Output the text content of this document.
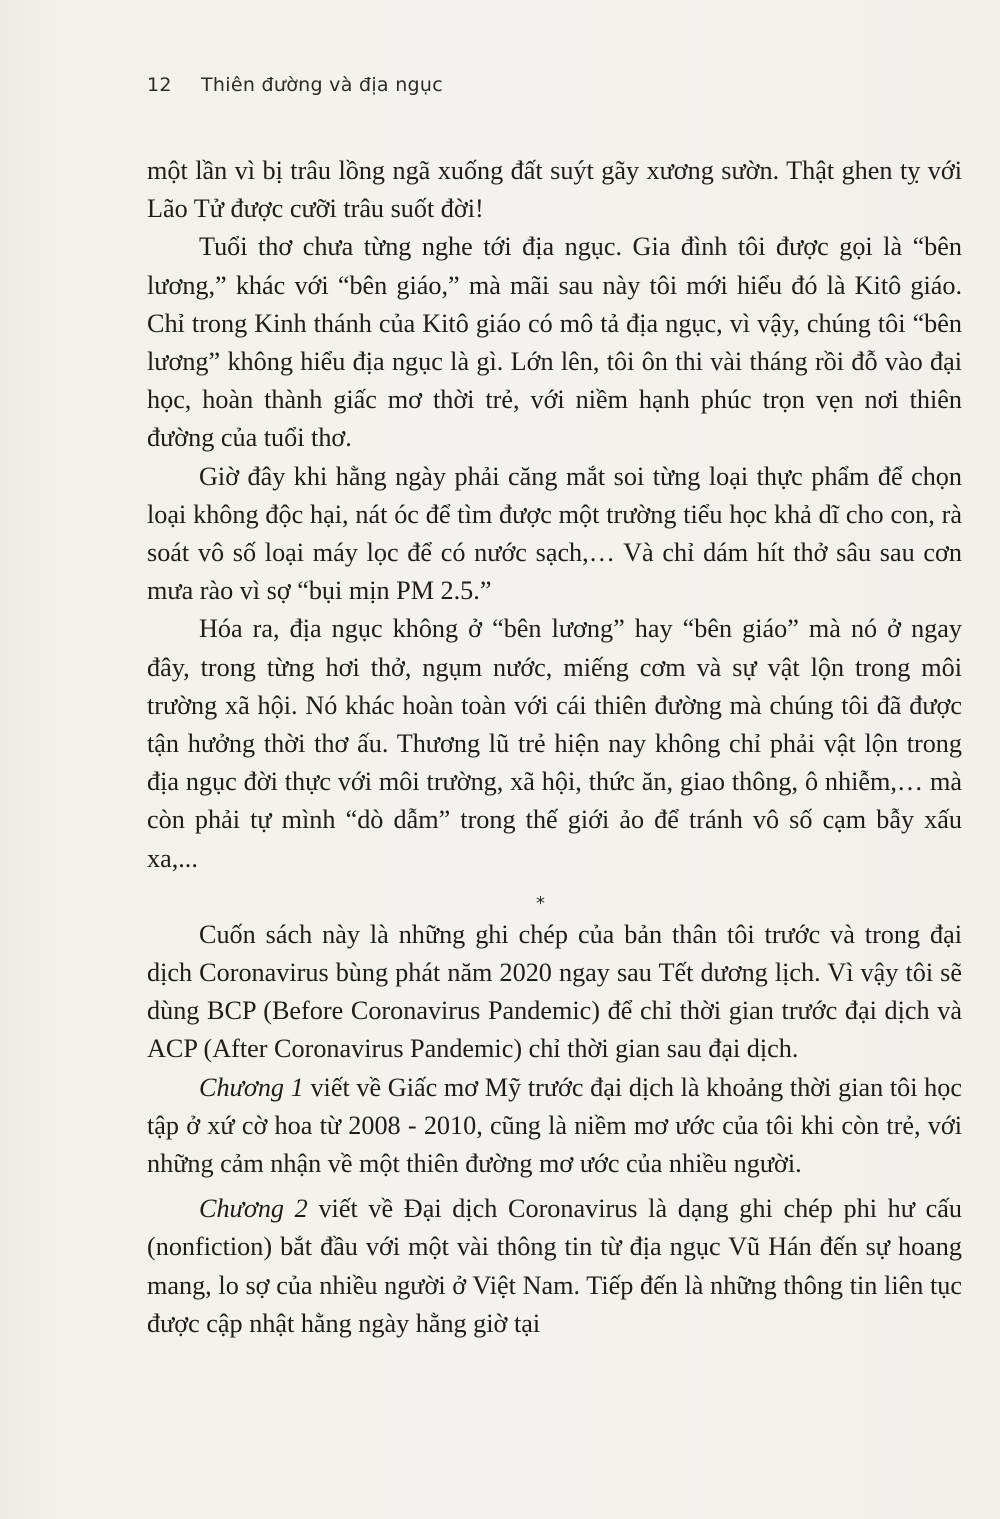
12 Thiên đường và địa ngục

một lần vì bị trâu lồng ngã xuống đất suýt gãy xương sườn. Thật ghen tỵ với Lão Tử được cưỡi trâu suốt đời!

Tuổi thơ chưa từng nghe tới địa ngục. Gia đình tôi được gọi là “bên lương,” khác với “bên giáo,” mà mãi sau này tôi mới hiểu đó là Kitô giáo. Chỉ trong Kinh thánh của Kitô giáo có mô tả địa ngục, vì vậy, chúng tôi “bên lương” không hiểu địa ngục là gì. Lớn lên, tôi ôn thi vài tháng rồi đỗ vào đại học, hoàn thành giấc mơ thời trẻ, với niềm hạnh phúc trọn vẹn nơi thiên đường của tuổi thơ.

Giờ đây khi hằng ngày phải căng mắt soi từng loại thực phẩm để chọn loại không độc hại, nát óc để tìm được một trường tiểu học khả dĩ cho con, rà soát vô số loại máy lọc để có nước sạch,… Và chỉ dám hít thở sâu sau cơn mưa rào vì sợ “bụi mịn PM 2.5.”

Hóa ra, địa ngục không ở “bên lương” hay “bên giáo” mà nó ở ngay đây, trong từng hơi thở, ngụm nước, miếng cơm và sự vật lộn trong môi trường xã hội. Nó khác hoàn toàn với cái thiên đường mà chúng tôi đã được tận hưởng thời thơ ấu. Thương lũ trẻ hiện nay không chỉ phải vật lộn trong địa ngục đời thực với môi trường, xã hội, thức ăn, giao thông, ô nhiễm,… mà còn phải tự mình “dò dẫm” trong thế giới ảo để tránh vô số cạm bẫy xấu xa,...

*

Cuốn sách này là những ghi chép của bản thân tôi trước và trong đại dịch Coronavirus bùng phát năm 2020 ngay sau Tết dương lịch. Vì vậy tôi sẽ dùng BCP (Before Coronavirus Pandemic) để chỉ thời gian trước đại dịch và ACP (After Coronavirus Pandemic) chỉ thời gian sau đại dịch.

Chương 1 viết về Giấc mơ Mỹ trước đại dịch là khoảng thời gian tôi học tập ở xứ cờ hoa từ 2008 - 2010, cũng là niềm mơ ước của tôi khi còn trẻ, với những cảm nhận về một thiên đường mơ ước của nhiều người.

Chương 2 viết về Đại dịch Coronavirus là dạng ghi chép phi hư cấu (nonfiction) bắt đầu với một vài thông tin từ địa ngục Vũ Hán đến sự hoang mang, lo sợ của nhiều người ở Việt Nam. Tiếp đến là những thông tin liên tục được cập nhật hằng ngày hằng giờ tại
